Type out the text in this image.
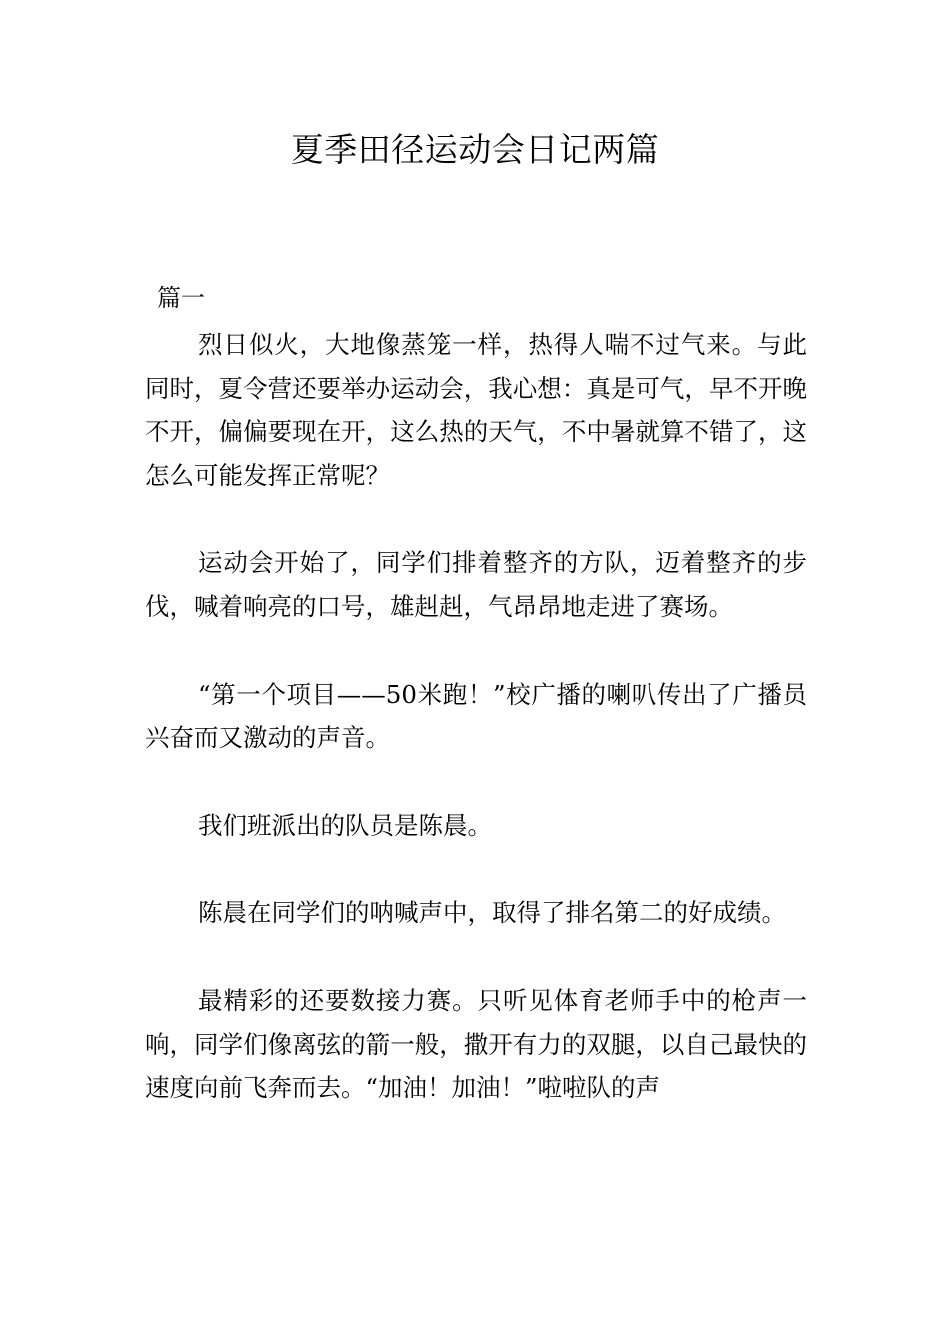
夏季田径运动会日记两篇
篇一

烈日似火，大地像蒸笼一样，热得人喘不过气来。与此同时，夏令营还要举办运动会，我心想：真是可气，早不开晚不开，偏偏要现在开，这么热的天气，不中暑就算不错了，这怎么可能发挥正常呢？

运动会开始了，同学们排着整齐的方队，迈着整齐的步伐，喊着响亮的口号，雄赳赳，气昂昂地走进了赛场。

“第一个项目——50米跑！”校广播的喇叭传出了广播员兴奋而又激动的声音。

我们班派出的队员是陈晨。

陈晨在同学们的呐喊声中，取得了排名第二的好成绩。

最精彩的还要数接力赛。只听见体育老师手中的枪声一响，同学们像离弦的箭一般，撒开有力的双腿，以自己最快的速度向前飞奔而去。“加油！加油！”啦啦队的声
